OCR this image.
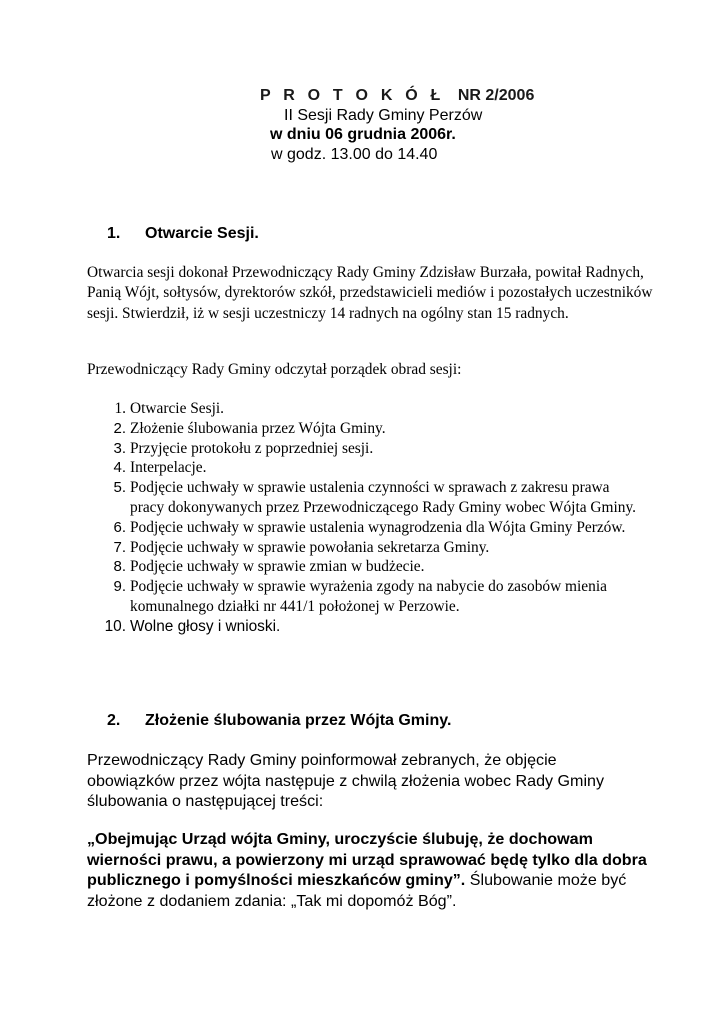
P R O T O K Ó Ł NR 2/2006
II Sesji Rady Gminy Perzów
w dniu 06 grudnia 2006r.
w godz. 13.00 do 14.40
1. Otwarcie Sesji.

Otwarcia sesji dokonał Przewodniczący Rady Gminy Zdzisław Burzała, powitał Radnych, Panią Wójt, sołtysów, dyrektorów szkół, przedstawicieli mediów i pozostałych uczestników sesji. Stwierdził, iż w sesji uczestniczy 14 radnych na ogólny stan 15 radnych.

Przewodniczący Rady Gminy odczytał porządek obrad sesji:

1. Otwarcie Sesji.
2. Złożenie ślubowania przez Wójta Gminy.
3. Przyjęcie protokołu z poprzedniej sesji.
4. Interpelacje.
5. Podjęcie uchwały w sprawie ustalenia czynności w sprawach z zakresu prawa pracy dokonywanych przez Przewodniczącego Rady Gminy wobec Wójta Gminy.
6. Podjęcie uchwały w sprawie ustalenia wynagrodzenia dla Wójta Gminy Perzów.
7. Podjęcie uchwały w sprawie powołania sekretarza Gminy.
8. Podjęcie uchwały w sprawie zmian w budżecie.
9. Podjęcie uchwały w sprawie wyrażenia zgody na nabycie do zasobów mienia komunalnego działki nr 441/1 położonej w Perzowie.
10. Wolne głosy i wnioski.
2. Złożenie ślubowania przez Wójta Gminy.

Przewodniczący Rady Gminy poinformował zebranych, że objęcie obowiązków przez wójta następuje z chwilą złożenia wobec Rady Gminy ślubowania o następującej treści:

„Obejmując Urząd wójta Gminy, uroczyście ślubuję, że dochowam wierności prawu, a powierzony mi urząd sprawować będę tylko dla dobra publicznego i pomyślności mieszkańców gminy”. Ślubowanie może być złożone z dodaniem zdania: „Tak mi dopomóż Bóg”.
